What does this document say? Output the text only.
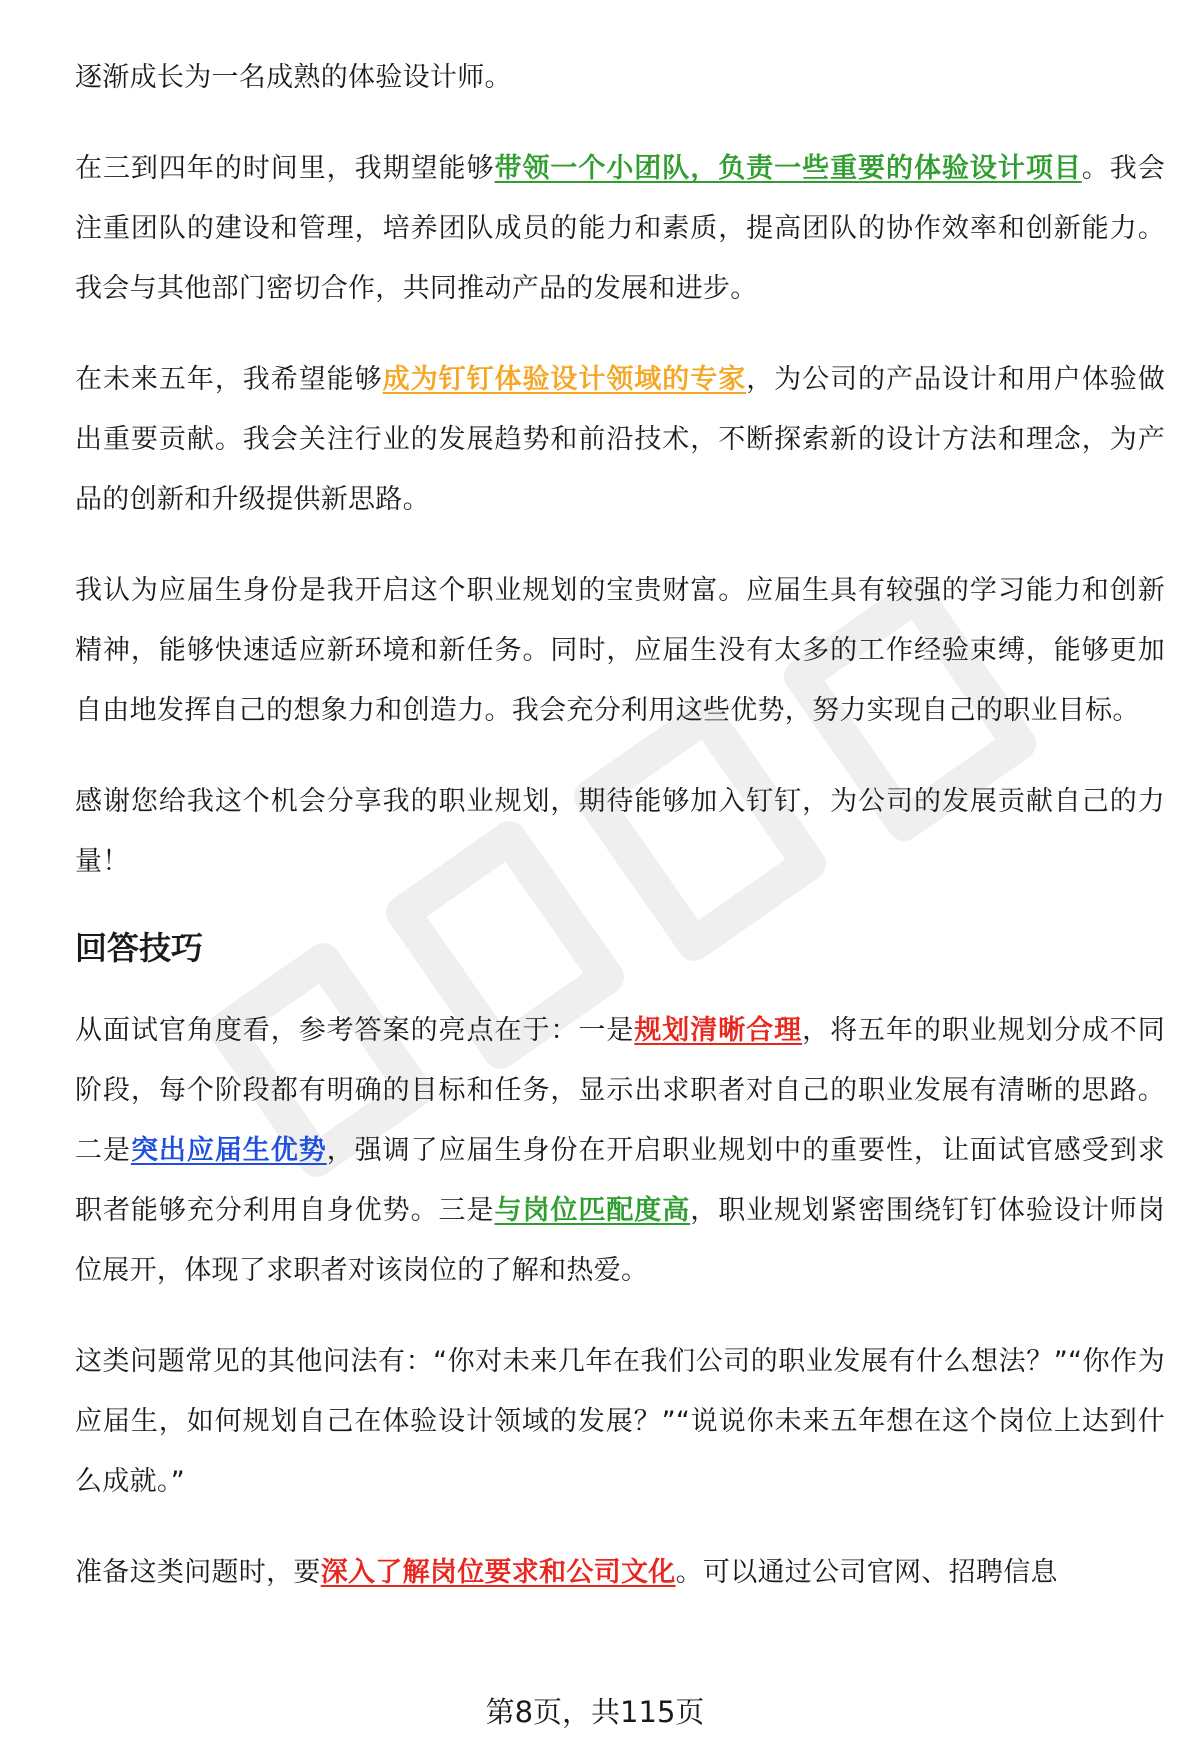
逐渐成长为一名成熟的体验设计师。

在三到四年的时间里，我期望能够带领一个小团队，负责一些重要的体验设计项目。我会注重团队的建设和管理，培养团队成员的能力和素质，提高团队的协作效率和创新能力。我会与其他部门密切合作，共同推动产品的发展和进步。

在未来五年，我希望能够成为钉钉体验设计领域的专家，为公司的产品设计和用户体验做出重要贡献。我会关注行业的发展趋势和前沿技术，不断探索新的设计方法和理念，为产品的创新和升级提供新思路。

我认为应届生身份是我开启这个职业规划的宝贵财富。应届生具有较强的学习能力和创新精神，能够快速适应新环境和新任务。同时，应届生没有太多的工作经验束缚，能够更加自由地发挥自己的想象力和创造力。我会充分利用这些优势，努力实现自己的职业目标。

感谢您给我这个机会分享我的职业规划，期待能够加入钉钉，为公司的发展贡献自己的力量！

回答技巧

从面试官角度看，参考答案的亮点在于：一是规划清晰合理，将五年的职业规划分成不同阶段，每个阶段都有明确的目标和任务，显示出求职者对自己的职业发展有清晰的思路。二是突出应届生优势，强调了应届生身份在开启职业规划中的重要性，让面试官感受到求职者能够充分利用自身优势。三是与岗位匹配度高，职业规划紧密围绕钉钉体验设计师岗位展开，体现了求职者对该岗位的了解和热爱。

这类问题常见的其他问法有：“你对未来几年在我们公司的职业发展有什么想法？”“你作为应届生，如何规划自己在体验设计领域的发展？”“说说你未来五年想在这个岗位上达到什么成就。”

准备这类问题时，要深入了解岗位要求和公司文化。可以通过公司官网、招聘信息

第8页，共115页
